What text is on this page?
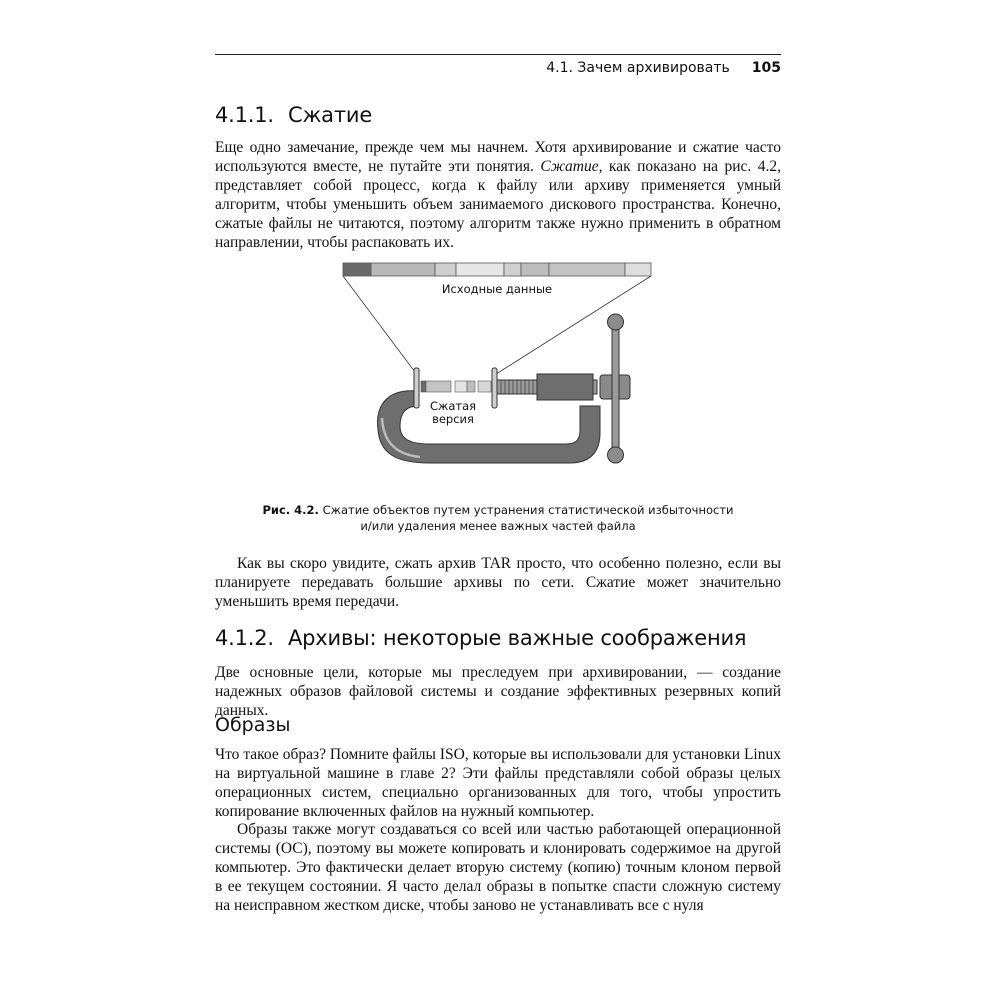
4.1. Зачем архивировать 105
4.1.1. Сжатие

Еще одно замечание, прежде чем мы начнем. Хотя архивирование и сжатие часто используются вместе, не путайте эти понятия. Сжатие, как показано на рис. 4.2, представляет собой процесс, когда к файлу или архиву применяется умный алгоритм, чтобы уменьшить объем занимаемого дискового пространства. Конечно, сжатые файлы не читаются, поэтому алгоритм также нужно применить в обратном направлении, чтобы распаковать их.

Исходные данные
Сжатая
версия
Рис. 4.2. Сжатие объектов путем устранения статистической избыточности
и/или удаления менее важных частей файла

Как вы скоро увидите, сжать архив TAR просто, что особенно полезно, если вы планируете передавать большие архивы по сети. Сжатие может значительно уменьшить время передачи.

4.1.2. Архивы: некоторые важные соображения

Две основные цели, которые мы преследуем при архивировании, — создание надежных образов файловой системы и создание эффективных резервных копий данных.

Образы

Что такое образ? Помните файлы ISO, которые вы использовали для установки Linux на виртуальной машине в главе 2? Эти файлы представляли собой образы целых операционных систем, специально организованных для того, чтобы упростить копирование включенных файлов на нужный компьютер.

Образы также могут создаваться со всей или частью работающей операционной системы (ОС), поэтому вы можете копировать и клонировать содержимое на другой компьютер. Это фактически делает вторую систему (копию) точным клоном первой в ее текущем состоянии. Я часто делал образы в попытке спасти сложную систему на неисправном жестком диске, чтобы заново не устанавливать все с нуля
